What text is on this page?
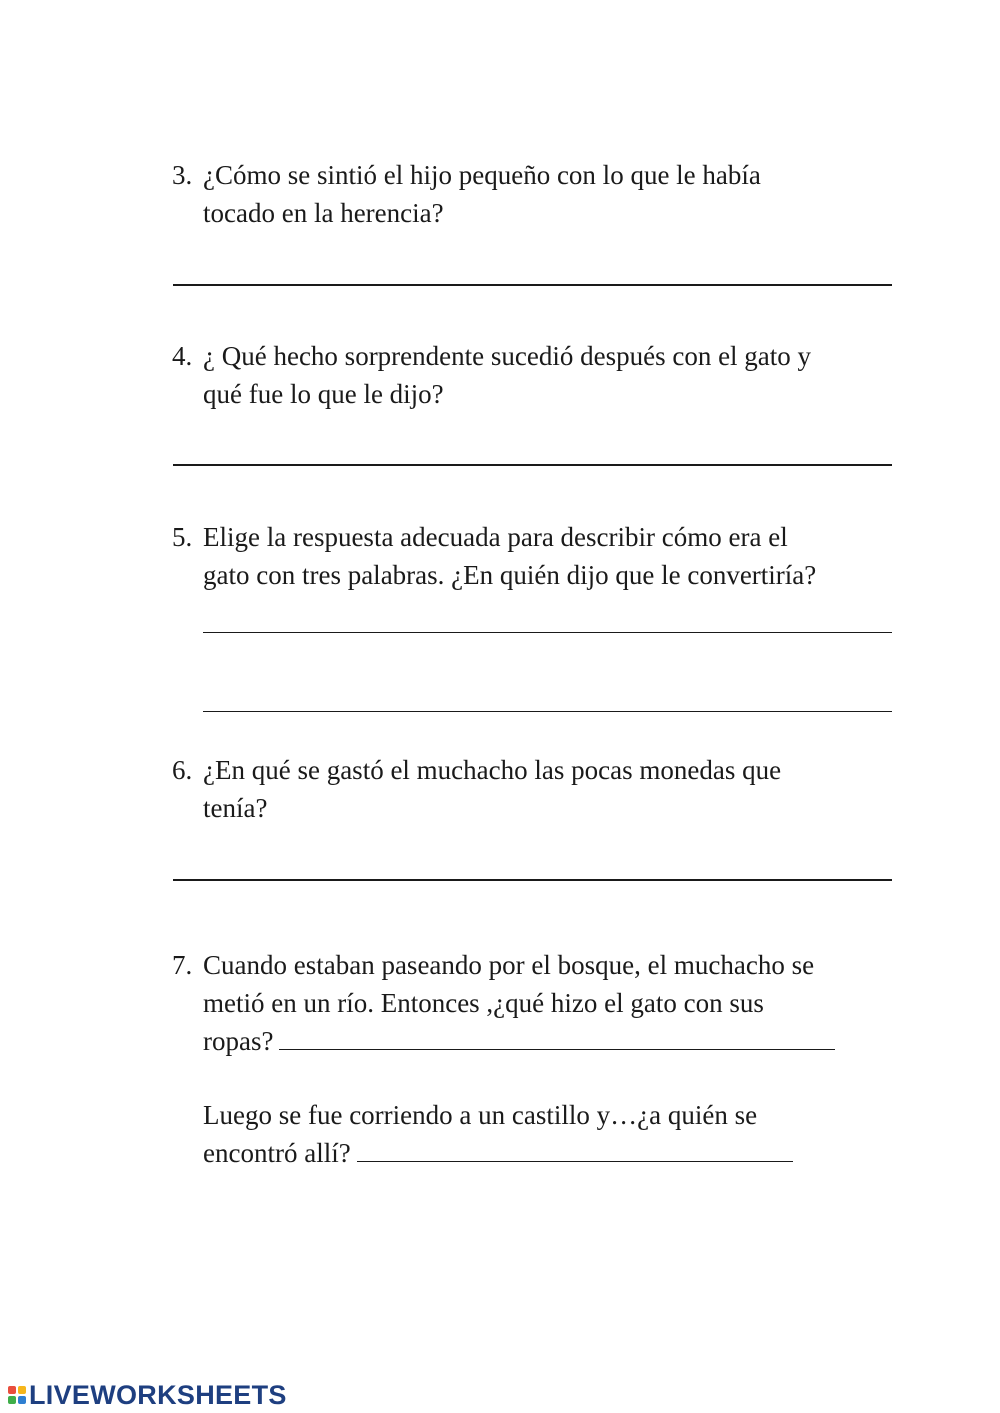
3. ¿Cómo se sintió el hijo pequeño con lo que le había
tocado en la herencia?
4. ¿ Qué hecho sorprendente sucedió después con el gato y
qué fue lo que le dijo?
5. Elige la respuesta adecuada para describir cómo era el
gato con tres palabras. ¿En quién dijo que le convertiría?
6. ¿En qué se gastó el muchacho las pocas monedas que
tenía?
7. Cuando estaban paseando por el bosque, el muchacho se
metió en un río. Entonces ,¿qué hizo el gato con sus
ropas?
Luego se fue corriendo a un castillo y…¿a quién se
encontró allí?
LIVEWORKSHEETS
